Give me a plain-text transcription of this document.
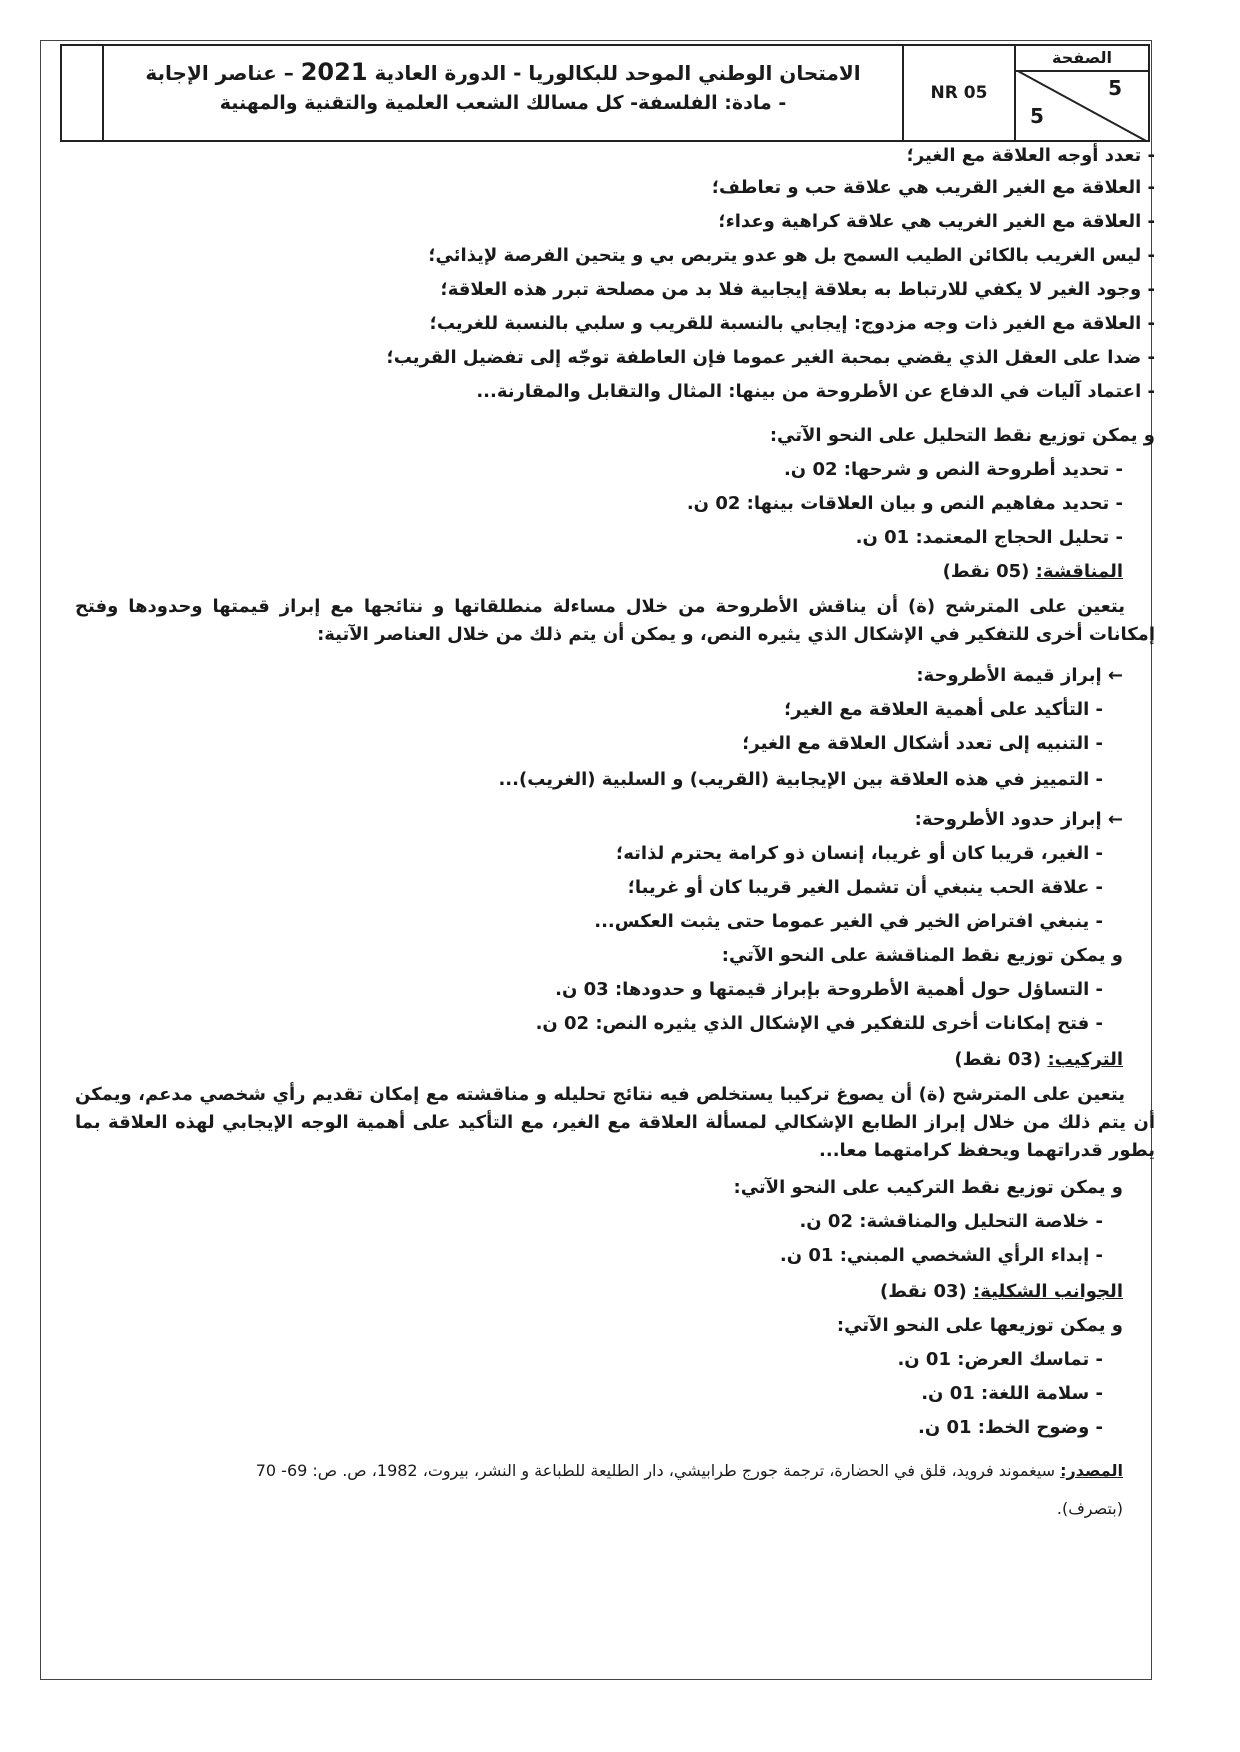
الامتحان الوطني الموحد للبكالوريا - الدورة العادية 2021 – عناصر الإجابة
- مادة: الفلسفة- كل مسالك الشعب العلمية والتقنية والمهنية	NR 05
الصفحة
5
5
- تعدد أوجه العلاقة مع الغير؛
- العلاقة مع الغير القريب هي علاقة حب و تعاطف؛
- العلاقة مع الغير الغريب هي علاقة كراهية وعداء؛
- ليس الغريب بالكائن الطيب السمح بل هو عدو يتربص بي و يتحين الفرصة لإيذائي؛
- وجود الغير لا يكفي للارتباط به بعلاقة إيجابية فلا بد من مصلحة تبرر هذه العلاقة؛
- العلاقة مع الغير ذات وجه مزدوج: إيجابي بالنسبة للقريب و سلبي بالنسبة للغريب؛
- ضدا على العقل الذي يقضي بمحبة الغير عموما فإن العاطفة توجّه إلى تفضيل القريب؛
- اعتماد آليات في الدفاع عن الأطروحة من بينها: المثال والتقابل والمقارنة...
و يمكن توزيع نقط التحليل على النحو الآتي:
- تحديد أطروحة النص و شرحها: 02 ن.
- تحديد مفاهيم النص و بيان العلاقات بينها: 02 ن.
- تحليل الحجاج المعتمد: 01 ن.
المناقشة: (05 نقط)
يتعين على المترشح (ة) أن يناقش الأطروحة من خلال مساءلة منطلقاتها و نتائجها مع إبراز قيمتها وحدودها وفتح إمكانات أخرى للتفكير في الإشكال الذي يثيره النص، و يمكن أن يتم ذلك من خلال العناصر الآتية:
← إبراز قيمة الأطروحة:
- التأكيد على أهمية العلاقة مع الغير؛
- التنبيه إلى تعدد أشكال العلاقة مع الغير؛
- التمييز في هذه العلاقة بين الإيجابية (القريب) و السلبية (الغريب)...
← إبراز حدود الأطروحة:
- الغير، قريبا كان أو غريبا، إنسان ذو كرامة يحترم لذاته؛
- علاقة الحب ينبغي أن تشمل الغير قريبا كان أو غريبا؛
- ينبغي افتراض الخير في الغير عموما حتى يثبت العكس...
و يمكن توزيع نقط المناقشة على النحو الآتي:
- التساؤل حول أهمية الأطروحة بإبراز قيمتها و حدودها: 03 ن.
- فتح إمكانات أخرى للتفكير في الإشكال الذي يثيره النص: 02 ن.
التركيب: (03 نقط)
يتعين على المترشح (ة) أن يصوغ تركيبا يستخلص فيه نتائج تحليله و مناقشته مع إمكان تقديم رأي شخصي مدعم، ويمكن أن يتم ذلك من خلال إبراز الطابع الإشكالي لمسألة العلاقة مع الغير، مع التأكيد على أهمية الوجه الإيجابي لهذه العلاقة بما يطور قدراتهما ويحفظ كرامتهما معا...
و يمكن توزيع نقط التركيب على النحو الآتي:
- خلاصة التحليل والمناقشة: 02 ن.
- إبداء الرأي الشخصي المبني: 01 ن.
الجوانب الشكلية: (03 نقط)
و يمكن توزيعها على النحو الآتي:
- تماسك العرض: 01 ن.
- سلامة اللغة: 01 ن.
- وضوح الخط: 01 ن.
المصدر: سيغموند فرويد، قلق في الحضارة، ترجمة جورج طرابيشي، دار الطليعة للطباعة و النشر، بيروت، 1982، ص. ص: 69- 70
(بتصرف).
